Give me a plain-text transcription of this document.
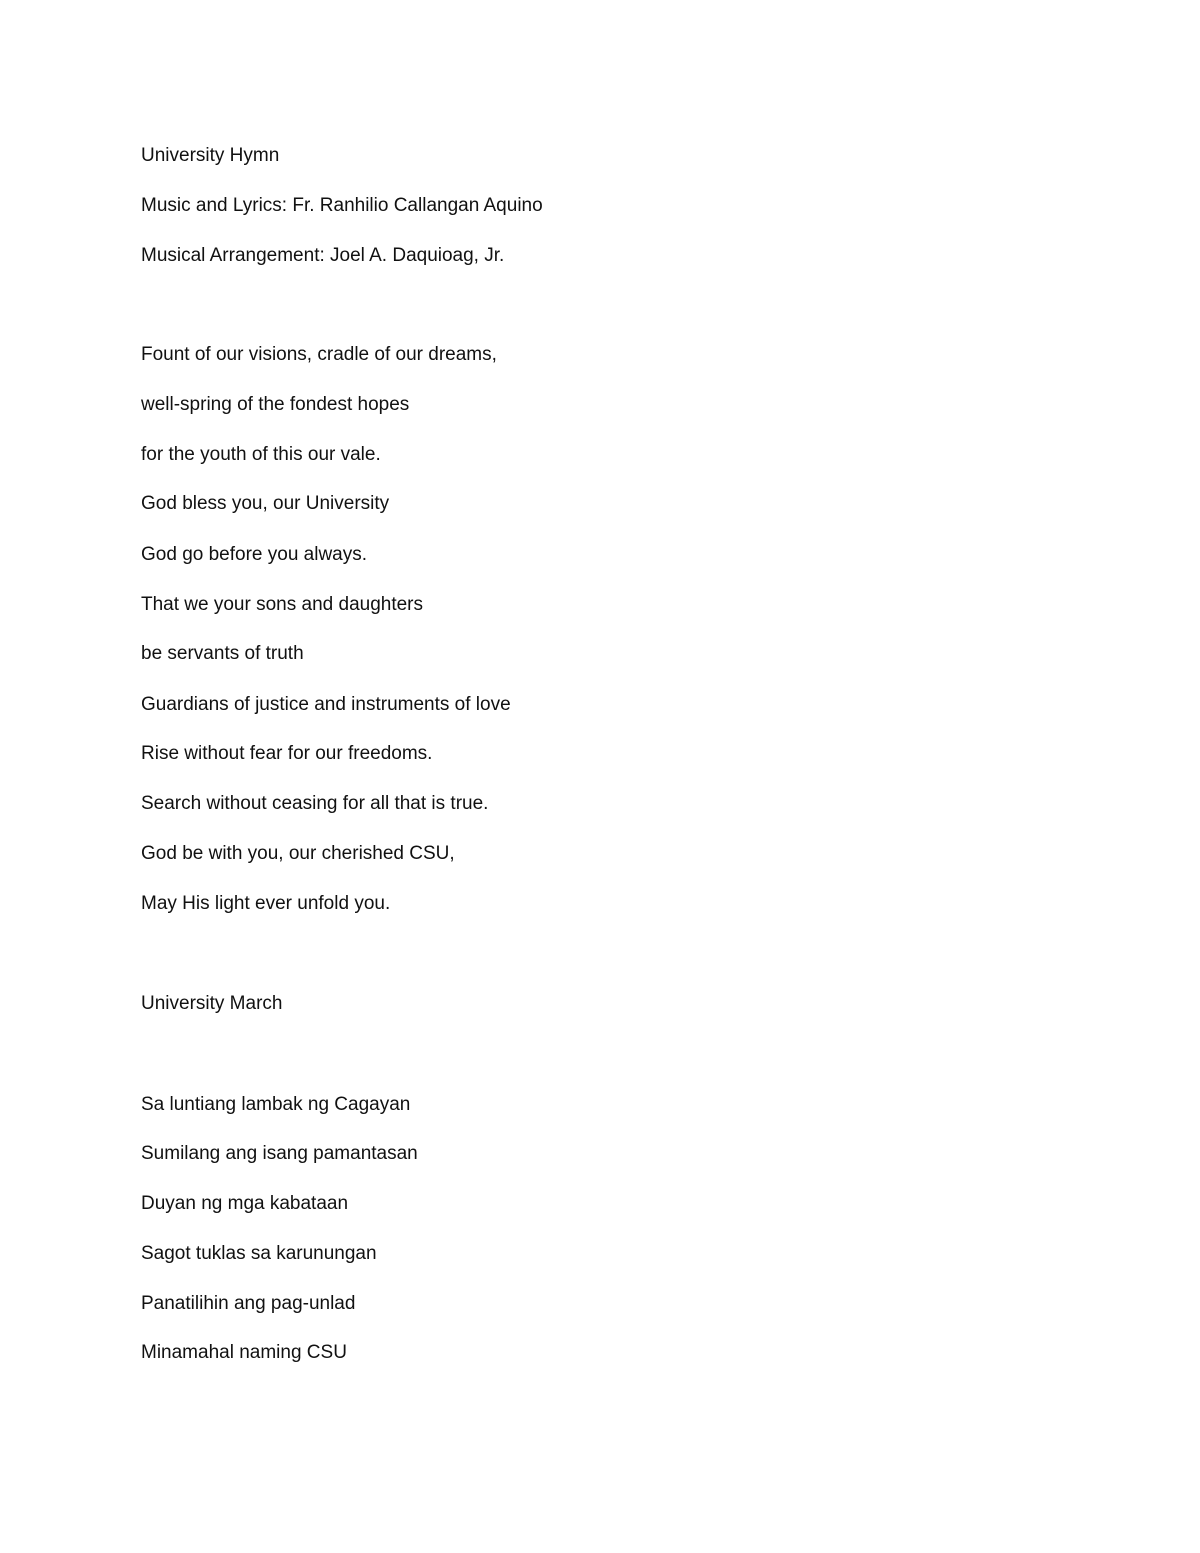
University Hymn
Music and Lyrics: Fr. Ranhilio Callangan Aquino
Musical Arrangement: Joel A. Daquioag, Jr.
Fount of our visions, cradle of our dreams,
well-spring of the fondest hopes
for the youth of this our vale.
God bless you, our University
God go before you always.
That we your sons and daughters
be servants of truth
Guardians of justice and instruments of love
Rise without fear for our freedoms.
Search without ceasing for all that is true.
God be with you, our cherished CSU,
May His light ever unfold you.
University March
Sa luntiang lambak ng Cagayan
Sumilang ang isang pamantasan
Duyan ng mga kabataan
Sagot tuklas sa karunungan
Panatilihin ang pag-unlad
Minamahal naming CSU
